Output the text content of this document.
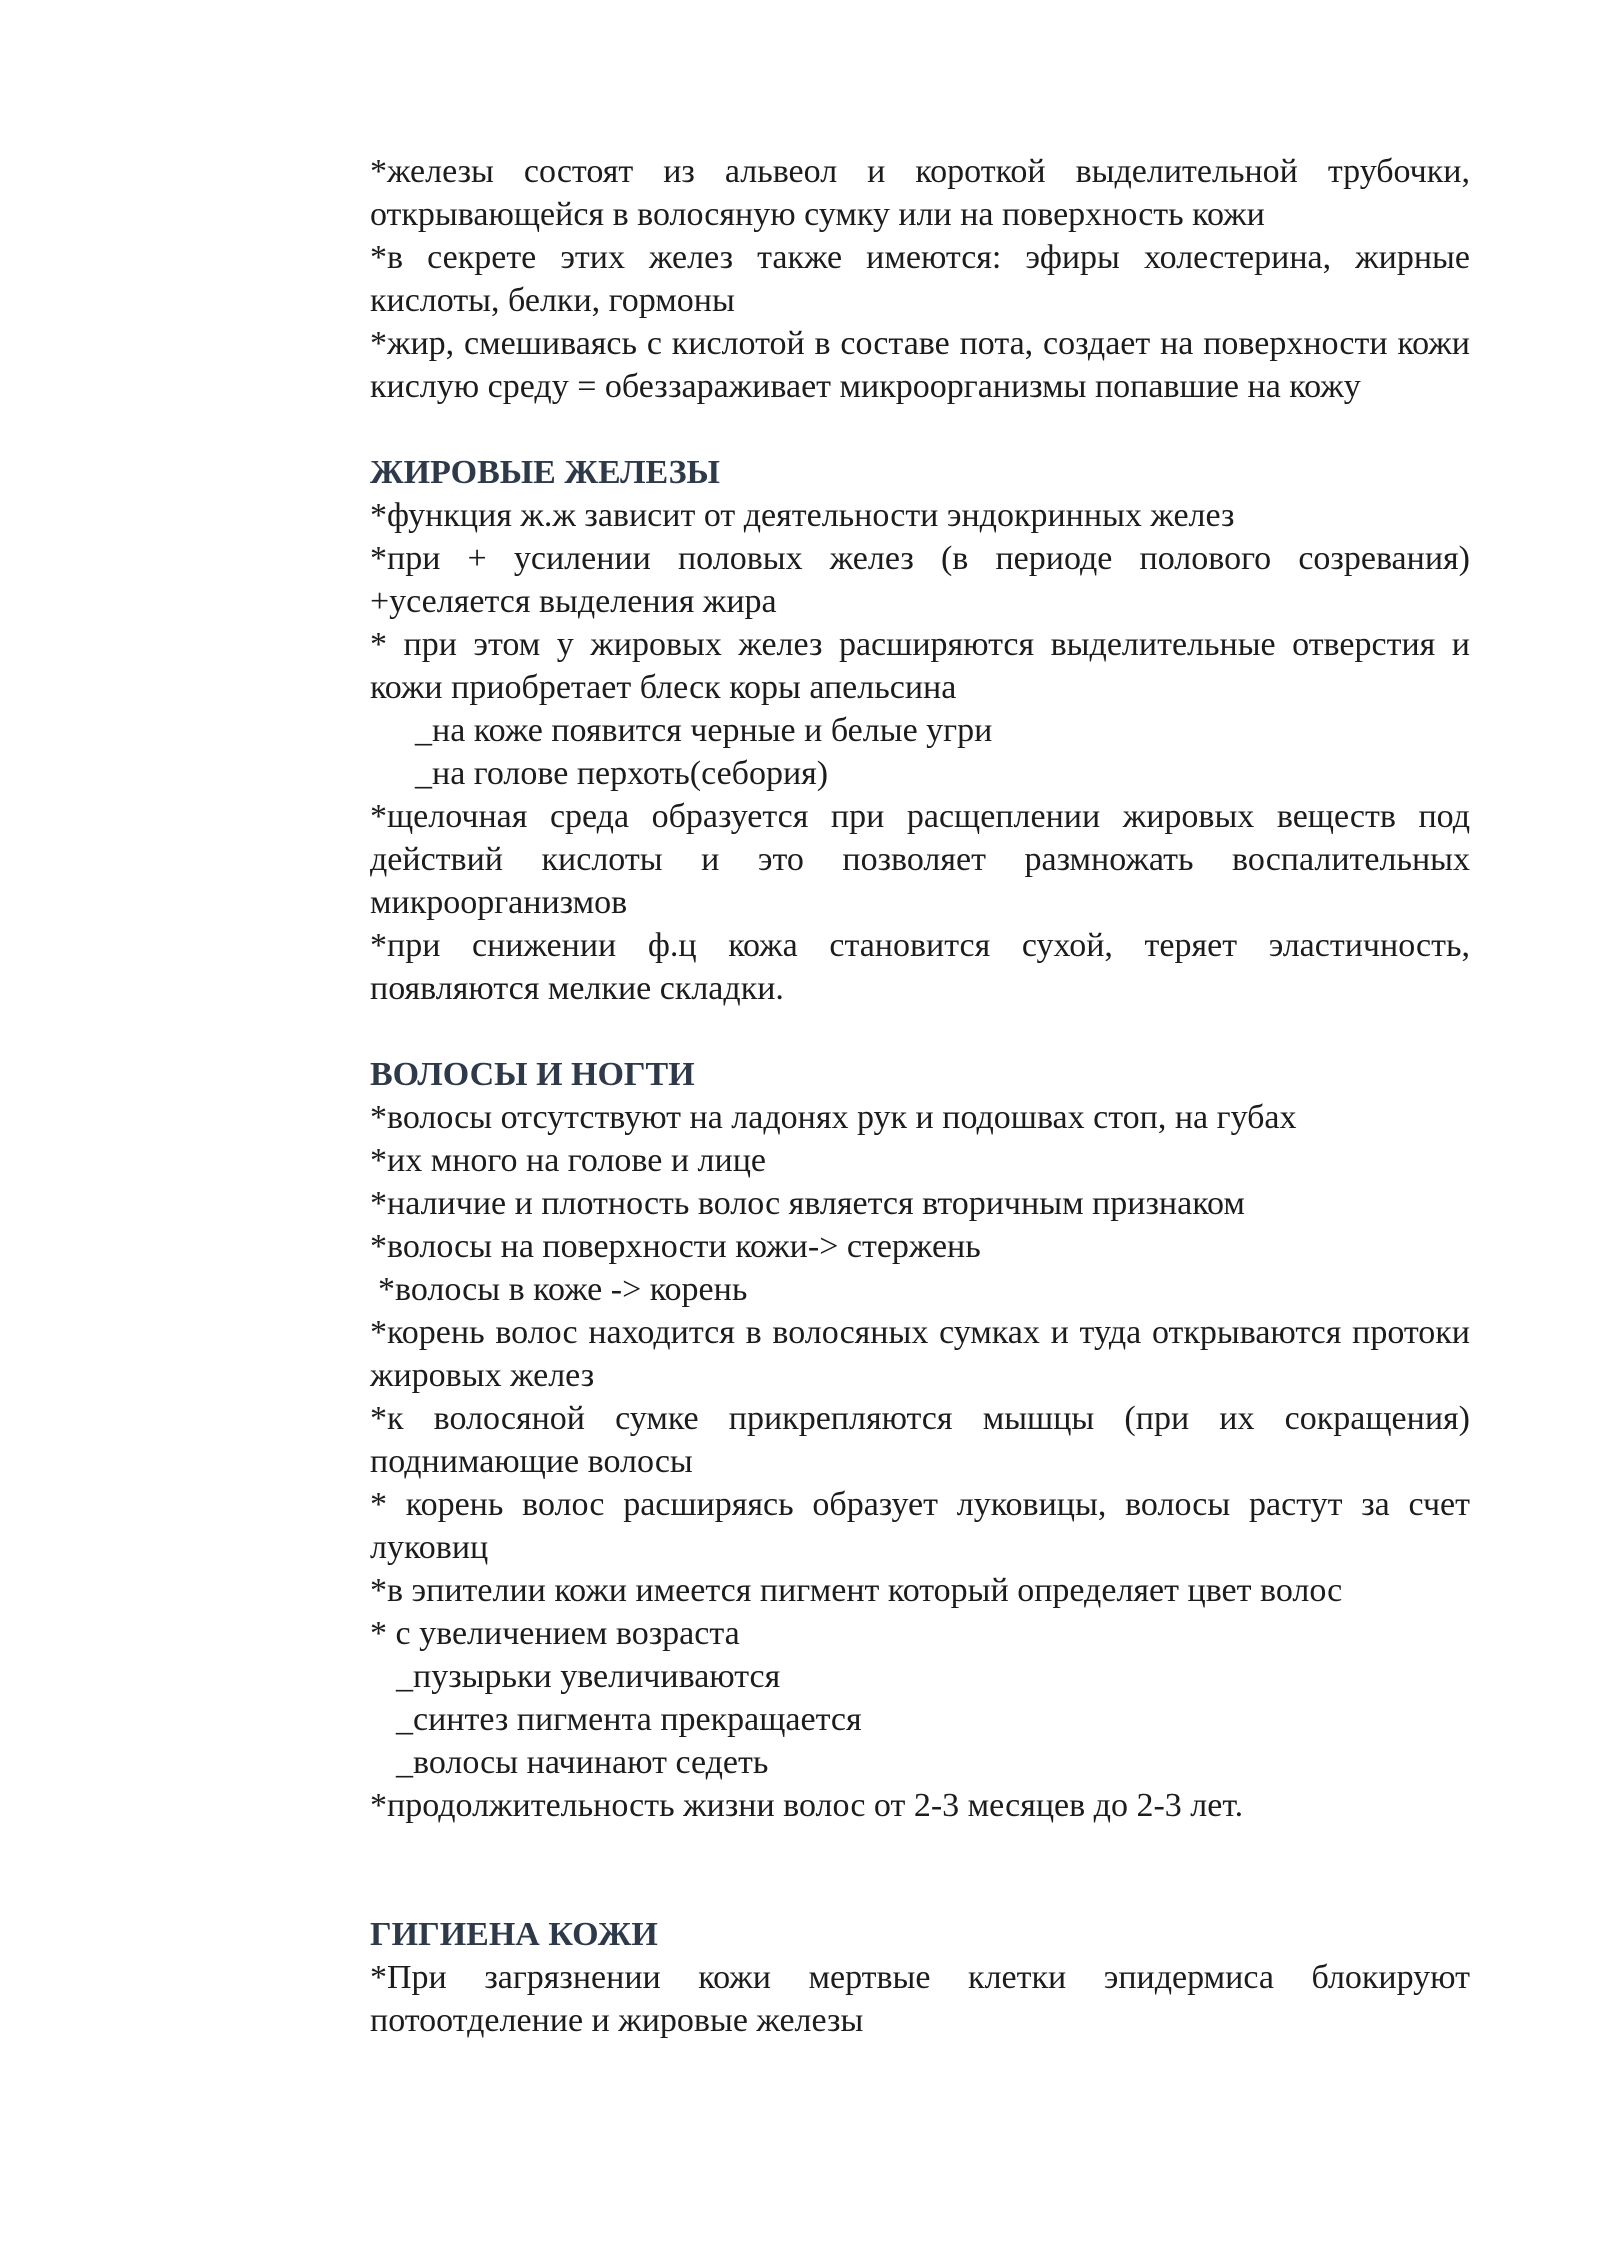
*железы состоят из альвеол и короткой выделительной трубочки, открывающейся в волосяную сумку или на поверхность кожи

*в секрете этих желез также имеются: эфиры холестерина, жирные кислоты, белки, гормоны

*жир, смешиваясь с кислотой в составе пота, создает на поверхности кожи кислую среду = обеззараживает микроорганизмы попавшие на кожу

ЖИРОВЫЕ ЖЕЛЕЗЫ

*функция ж.ж зависит от деятельности эндокринных желез

*при + усилении половых желез (в периоде полового созревания) +уселяется выделения жира

* при этом у жировых желез расширяются выделительные отверстия и кожи приобретает блеск коры апельсина

_на коже появится черные и белые угри

_на голове перхоть(себория)

*щелочная среда образуется при расщеплении жировых веществ под действий кислоты и это позволяет размножать воспалительных микроорганизмов

*при снижении ф.ц кожа становится сухой, теряет эластичность, появляются мелкие складки.

ВОЛОСЫ И НОГТИ

*волосы отсутствуют на ладонях рук и подошвах стоп, на губах

*их много на голове и лице

*наличие и плотность волос является вторичным признаком

*волосы на поверхности кожи-> стержень

*волосы в коже -> корень

*корень волос находится в волосяных сумках и туда открываются протоки жировых желез

*к волосяной сумке прикрепляются мышцы (при их сокращения) поднимающие волосы

* корень волос расширяясь образует луковицы, волосы растут за счет луковиц

*в эпителии кожи имеется пигмент который определяет цвет волос

* с увеличением возраста

_пузырьки увеличиваются

_синтез пигмента прекращается

_волосы начинают седеть

*продолжительность жизни волос от 2-3 месяцев до 2-3 лет.

ГИГИЕНА КОЖИ

*При загрязнении кожи мертвые клетки эпидермиса блокируют потоотделение и жировые железы
